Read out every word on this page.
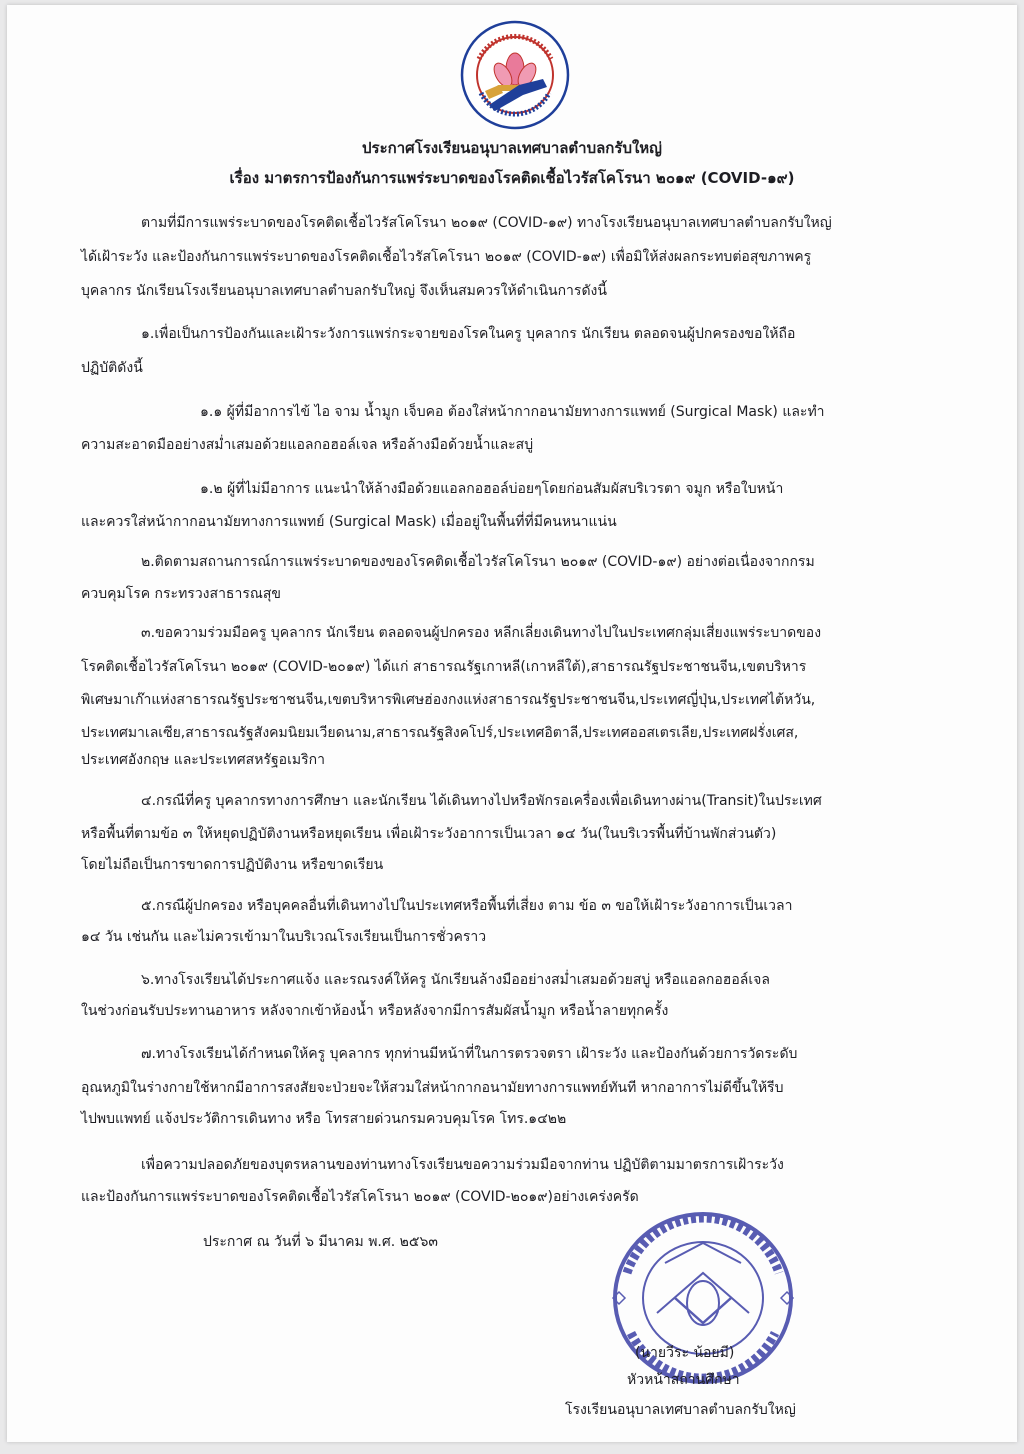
ประกาศโรงเรียนอนุบาลเทศบาลตำบลกรับใหญ่
เรื่อง มาตรการป้องกันการแพร่ระบาดของโรคติดเชื้อไวรัสโคโรนา ๒๐๑๙ (COVID-๑๙)
ตามที่มีการแพร่ระบาดของโรคติดเชื้อไวรัสโคโรนา ๒๐๑๙ (COVID-๑๙) ทางโรงเรียนอนุบาลเทศบาลตำบลกรับใหญ่
ได้เฝ้าระวัง และป้องกันการแพร่ระบาดของโรคติดเชื้อไวรัสโคโรนา ๒๐๑๙ (COVID-๑๙) เพื่อมิให้ส่งผลกระทบต่อสุขภาพครู
บุคลากร นักเรียนโรงเรียนอนุบาลเทศบาลตำบลกรับใหญ่ จึงเห็นสมควรให้ดำเนินการดังนี้
๑.เพื่อเป็นการป้องกันและเฝ้าระวังการแพร่กระจายของโรคในครู บุคลากร นักเรียน ตลอดจนผู้ปกครองขอให้ถือ
ปฏิบัติดังนี้
๑.๑ ผู้ที่มีอาการไข้ ไอ จาม น้ำมูก เจ็บคอ ต้องใส่หน้ากากอนามัยทางการแพทย์ (Surgical Mask) และทำ
ความสะอาดมืออย่างสม่ำเสมอด้วยแอลกอฮอล์เจล หรือล้างมือด้วยน้ำและสบู่
๑.๒ ผู้ที่ไม่มีอาการ แนะนำให้ล้างมือด้วยแอลกอฮอล์บ่อยๆโดยก่อนสัมผัสบริเวรตา จมูก หรือใบหน้า
และควรใส่หน้ากากอนามัยทางการแพทย์ (Surgical Mask) เมื่ออยู่ในพื้นที่ที่มีคนหนาแน่น
๒.ติดตามสถานการณ์การแพร่ระบาดของของโรคติดเชื้อไวรัสโคโรนา ๒๐๑๙ (COVID-๑๙) อย่างต่อเนื่องจากกรม
ควบคุมโรค กระทรวงสาธารณสุข
๓.ขอความร่วมมือครู บุคลากร นักเรียน ตลอดจนผู้ปกครอง หลีกเลี่ยงเดินทางไปในประเทศกลุ่มเสี่ยงแพร่ระบาดของ
โรคติดเชื้อไวรัสโคโรนา ๒๐๑๙ (COVID-๒๐๑๙) ได้แก่ สาธารณรัฐเกาหลี(เกาหลีใต้),สาธารณรัฐประชาชนจีน,เขตบริหาร
พิเศษมาเก๊าแห่งสาธารณรัฐประชาชนจีน,เขตบริหารพิเศษฮ่องกงแห่งสาธารณรัฐประชาชนจีน,ประเทศญี่ปุ่น,ประเทศไต้หวัน,
ประเทศมาเลเซีย,สาธารณรัฐสังคมนิยมเวียดนาม,สาธารณรัฐสิงคโปร์,ประเทศอิตาลี,ประเทศออสเตรเลีย,ประเทศฝรั่งเศส,
ประเทศอังกฤษ และประเทศสหรัฐอเมริกา
๔.กรณีที่ครู บุคลากรทางการศึกษา และนักเรียน ได้เดินทางไปหรือพักรอเครื่องเพื่อเดินทางผ่าน(Transit)ในประเทศ
หรือพื้นที่ตามข้อ ๓ ให้หยุดปฏิบัติงานหรือหยุดเรียน เพื่อเฝ้าระวังอาการเป็นเวลา ๑๔ วัน(ในบริเวรพื้นที่บ้านพักส่วนตัว)
โดยไม่ถือเป็นการขาดการปฏิบัติงาน หรือขาดเรียน
๕.กรณีผู้ปกครอง หรือบุคคลอื่นที่เดินทางไปในประเทศหรือพื้นที่เสี่ยง ตาม ข้อ ๓ ขอให้เฝ้าระวังอาการเป็นเวลา
๑๔ วัน เช่นกัน และไม่ควรเข้ามาในบริเวณโรงเรียนเป็นการชั่วคราว
๖.ทางโรงเรียนได้ประกาศแจ้ง และรณรงค์ให้ครู นักเรียนล้างมืออย่างสม่ำเสมอด้วยสบู่ หรือแอลกอฮอล์เจล
ในช่วงก่อนรับประทานอาหาร หลังจากเข้าห้องน้ำ หรือหลังจากมีการสัมผัสน้ำมูก หรือน้ำลายทุกครั้ง
๗.ทางโรงเรียนได้กำหนดให้ครู บุคลากร ทุกท่านมีหน้าที่ในการตรวจตรา เฝ้าระวัง และป้องกันด้วยการวัดระดับ
อุณหภูมิในร่างกายใช้หากมีอาการสงสัยจะป่วยจะให้สวมใส่หน้ากากอนามัยทางการแพทย์ทันที หากอาการไม่ดีขึ้นให้รีบ
ไปพบแพทย์ แจ้งประวัติการเดินทาง หรือ โทรสายด่วนกรมควบคุมโรค โทร.๑๔๒๒
เพื่อความปลอดภัยของบุตรหลานของท่านทางโรงเรียนขอความร่วมมือจากท่าน ปฏิบัติตามมาตรการเฝ้าระวัง
และป้องกันการแพร่ระบาดของโรคติดเชื้อไวรัสโคโรนา ๒๐๑๙ (COVID-๒๐๑๙)อย่างเคร่งครัด
ประกาศ ณ วันที่ ๖ มีนาคม พ.ศ. ๒๕๖๓
(นายวีระ น้อยมี)
หัวหน้าสถานศึกษา
โรงเรียนอนุบาลเทศบาลตำบลกรับใหญ่
